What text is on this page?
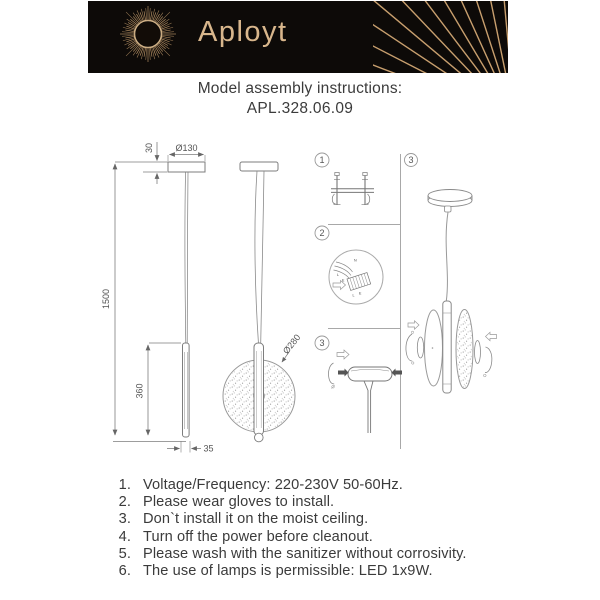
Aployt
Model assembly instructions:
APL.328.06.09
1500
30 Ø130
360
35
Ø280
1
2
3
3
N
L
E
L E
1. Voltage/Frequency: 220-230V 50-60Hz.
2. Please wear gloves to install.
3. Don`t install it on the moist ceiling.
4. Turn off the power before cleanout.
5. Please wash with the sanitizer without corrosivity.
6. The use of lamps is permissible: LED 1x9W.
